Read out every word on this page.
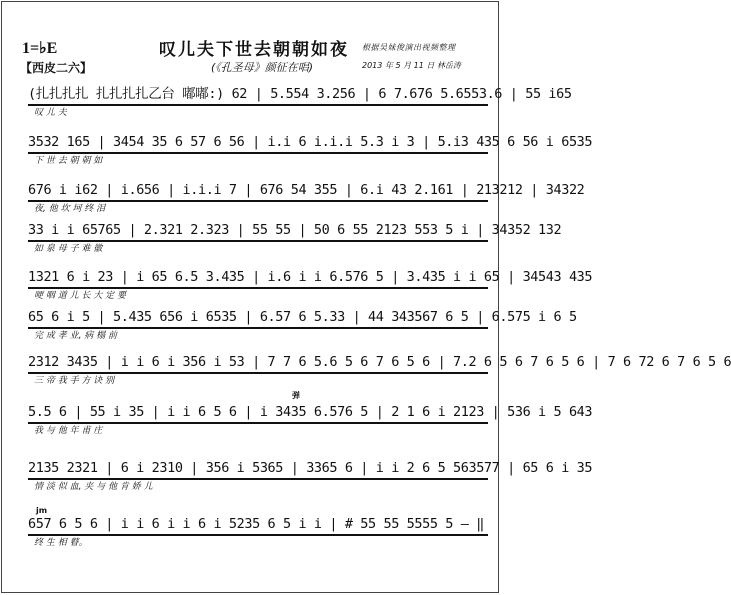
1=♭E
【西皮二六】
叹儿夫下世去朝朝如夜
(《孔圣母》颜征在唱)
根据吴妹俊演出视频整理
2013 年 5 月 11 日 林岳涛
(扎扎扎扎 扎扎扎扎乙台 嘟嘟:) 62 | 5.554 3.256 | 6 7.676 5.6553.6 | 55 i65
叹 儿 夫
3532 165 | 3454 35 6 57 6 56 | i.i 6 i.i.i 5.3 i 3 | 5.i3 435 6 56 i 6535
下 世 去 朝 朝 如
676 i i62 | i.656 | i.i.i 7 | 676 54 355 | 6.i 43 2.161 | 213212 | 34322
夜, 他 坎 坷 终 泪
33 i i 65765 | 2.321 2.323 | 55 55 | 50 6 55 2123 553 5 i | 34352 132
如 泉 母 子 难 徽
1321 6 i 23 | i 65 6.5 3.435 | i.6 i i 6.576 5 | 3.435 i i 65 | 34543 435
哽 咽 道 儿 长 大 定 要
65 6 i 5 | 5.435 656 i 6535 | 6.57 6 5.33 | 44 343567 6 5 | 6.575 i 6 5
完 成 孝 业, 病 榻 前
2312 3435 | i i 6 i 356 i 53 | 7 7 6 5.6 5 6 7 6 5 6 | 7.2 6 5 6 7 6 5 6 | 7 6 72 6 7 6 5 6
三 帝 我 手 方 诀 别
弹
5.5 6 | 55 i 35 | i i 6 5 6 | i 3435 6.576 5 | 2 1 6 i 2123 | 536 i 5 643
我 与 他 年 甫 庄
2135 2321 | 6 i 2310 | 356 i 5365 | 3365 6 | i i 2 6 5 563577 | 65 6 i 35
情 淡 似 血, 夹 与 他 肯 娇 儿
jm
657 6 5 6 | i i 6 i i 6 i 5235 6 5 i i | # 55 55 5555 5 — ‖
终 生 相 瞽。
